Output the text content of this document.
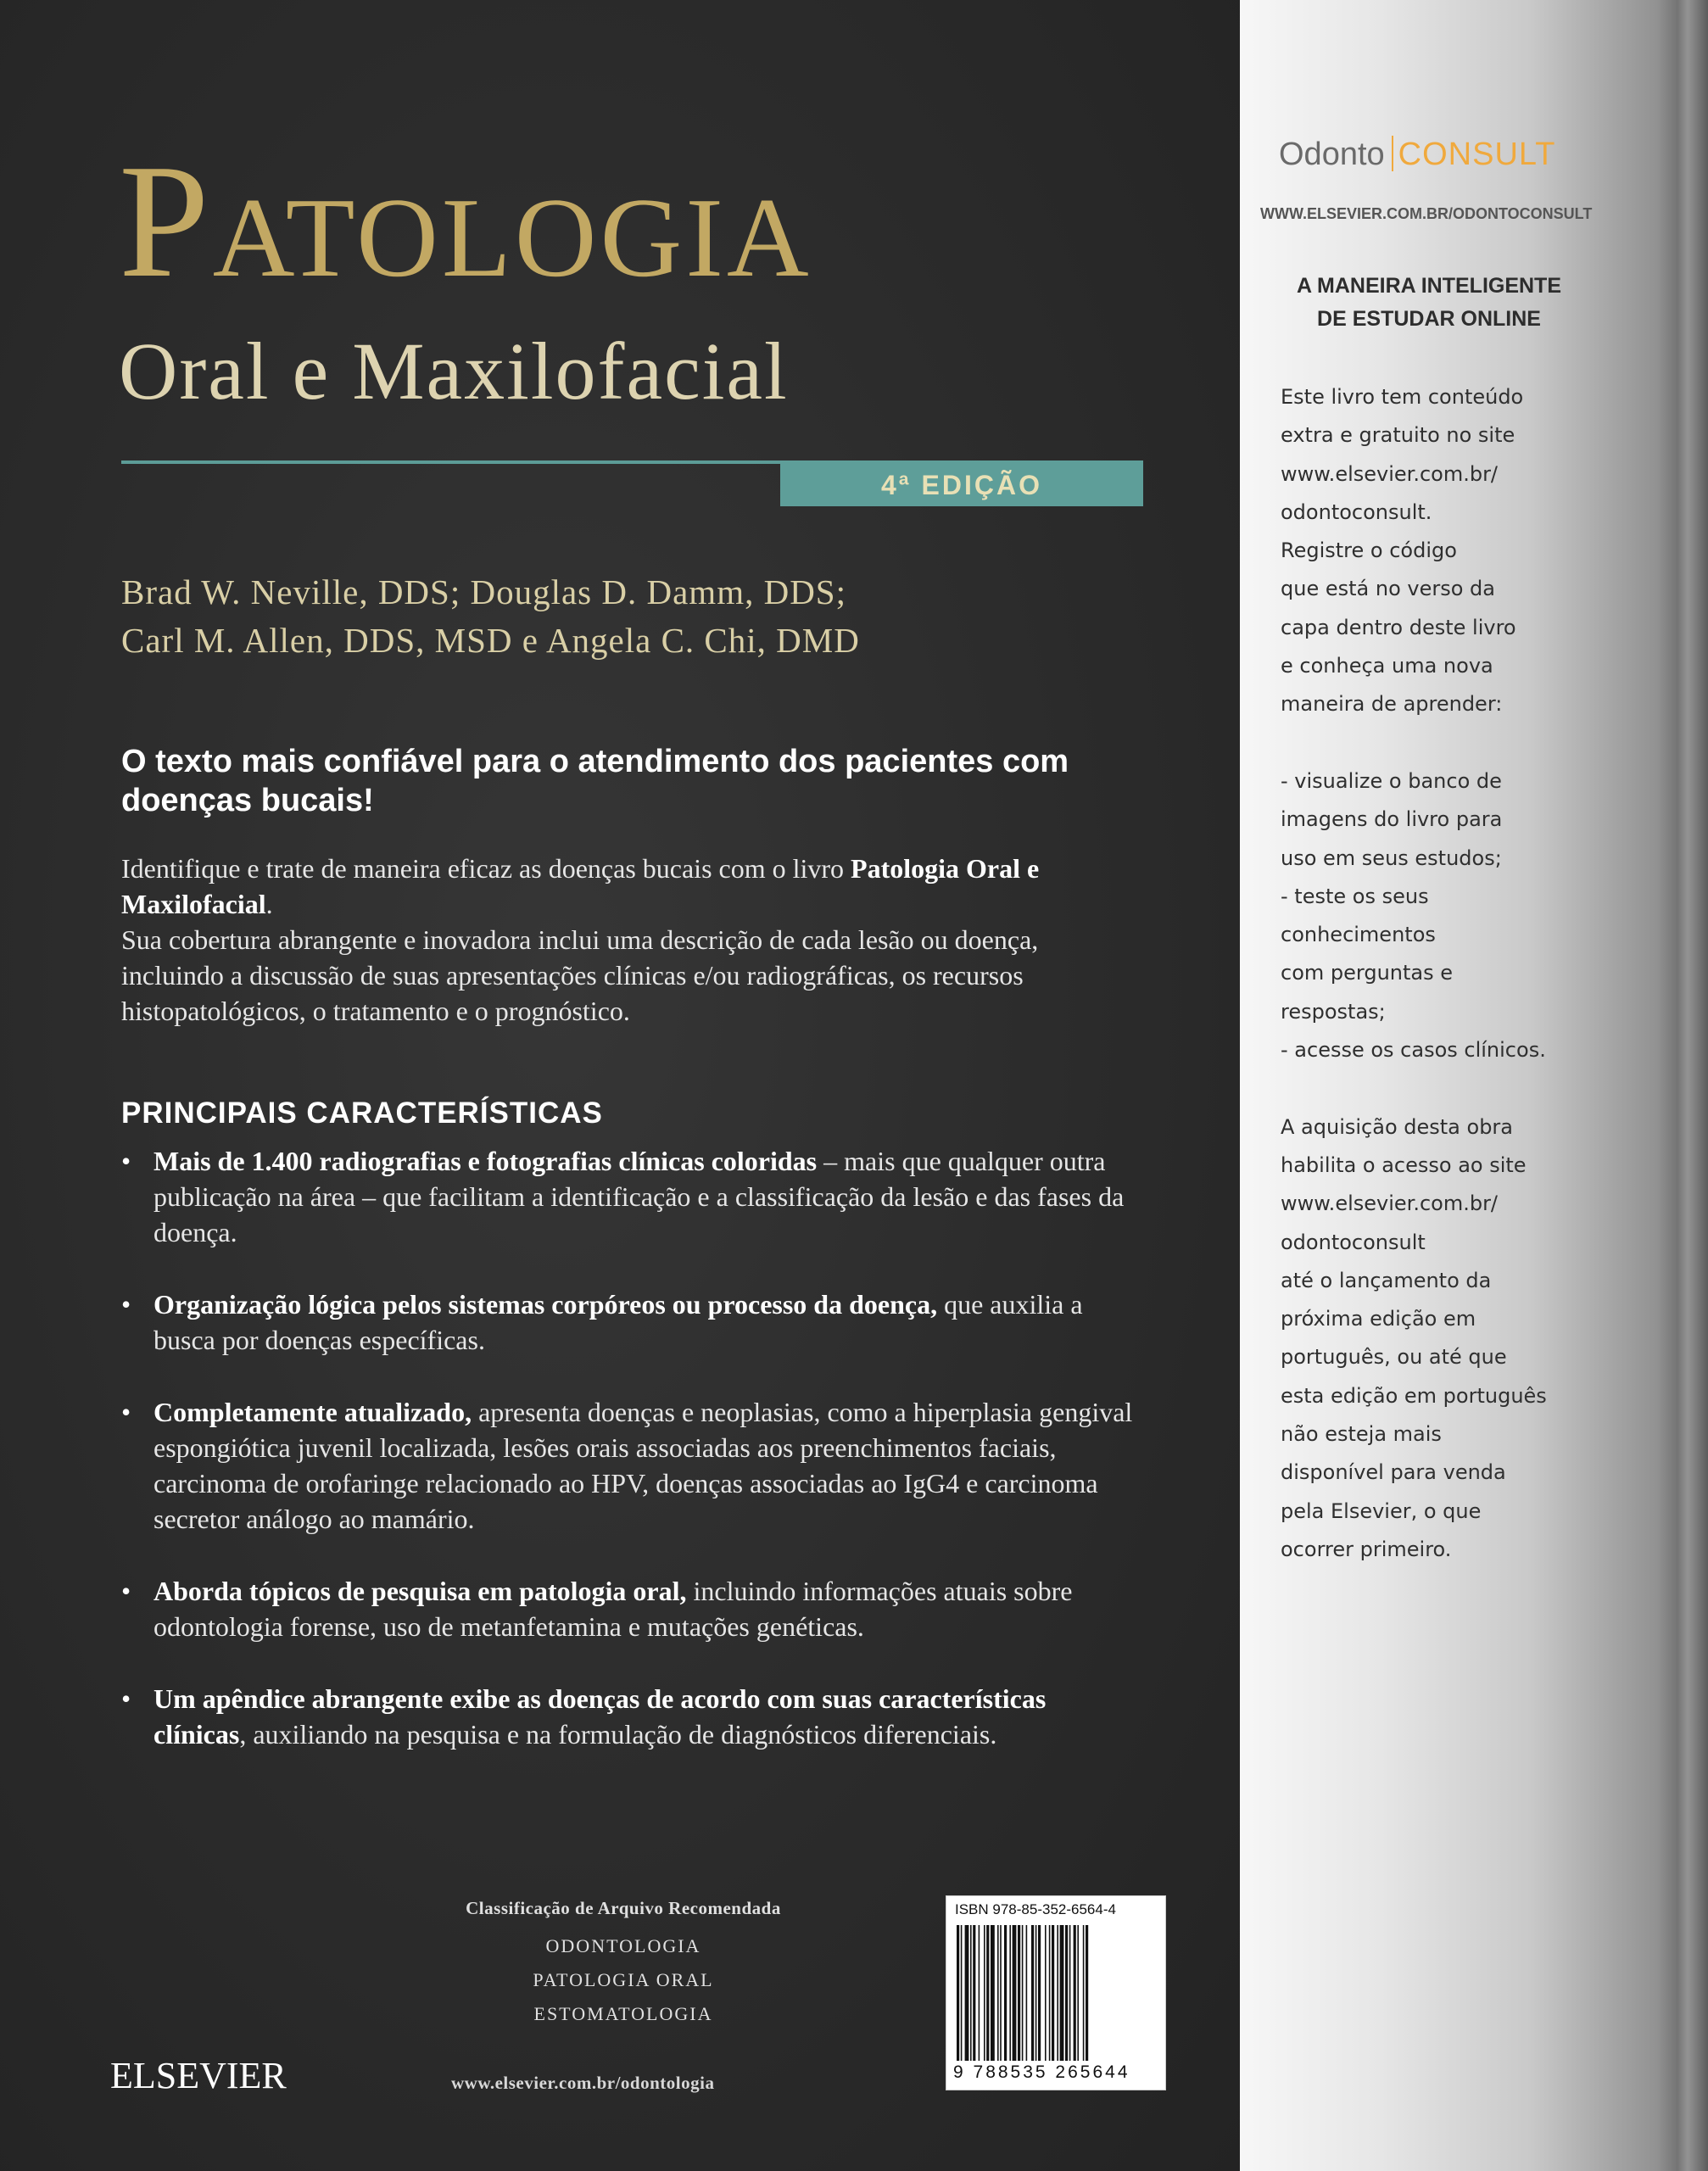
Patologia
Oral e Maxilofacial
4ª EDIÇÃO
Brad W. Neville, DDS; Douglas D. Damm, DDS;
Carl M. Allen, DDS, MSD e Angela C. Chi, DMD

O texto mais confiável para o atendimento dos pacientes com doenças bucais!

Identifique e trate de maneira eficaz as doenças bucais com o livro Patologia Oral e Maxilofacial.

Sua cobertura abrangente e inovadora inclui uma descrição de cada lesão ou doença, incluindo a discussão de suas apresentações clínicas e/ou radiográficas, os recursos histopatológicos, o tratamento e o prognóstico.

PRINCIPAIS CARACTERÍSTICAS
• Mais de 1.400 radiografias e fotografias clínicas coloridas – mais que qualquer outra publicação na área – que facilitam a identificação e a classificação da lesão e das fases da doença.
• Organização lógica pelos sistemas corpóreos ou processo da doença, que auxilia a busca por doenças específicas.
• Completamente atualizado, apresenta doenças e neoplasias, como a hiperplasia gengival espongiótica juvenil localizada, lesões orais associadas aos preenchimentos faciais, carcinoma de orofaringe relacionado ao HPV, doenças associadas ao IgG4 e carcinoma secretor análogo ao mamário.
• Aborda tópicos de pesquisa em patologia oral, incluindo informações atuais sobre odontologia forense, uso de metanfetamina e mutações genéticas.
• Um apêndice abrangente exibe as doenças de acordo com suas características clínicas, auxiliando na pesquisa e na formulação de diagnósticos diferenciais.
Classificação de Arquivo Recomendada
ODONTOLOGIA
PATOLOGIA ORAL
ESTOMATOLOGIA
ELSEVIER	www.elsevier.com.br/odontologia
ISBN 978-85-352-6564-4
9 788535 265644
Odonto CONSULT
WWW.ELSEVIER.COM.BR/ODONTOCONSULT
A MANEIRA INTELIGENTE
DE ESTUDAR ONLINE
Este livro tem conteúdo
extra e gratuito no site
www.elsevier.com.br/
odontoconsult.
Registre o código
que está no verso da
capa dentro deste livro
e conheça uma nova
maneira de aprender:
- visualize o banco de
imagens do livro para
uso em seus estudos;
- teste os seus
conhecimentos
com perguntas e
respostas;
- acesse os casos clínicos.
A aquisição desta obra
habilita o acesso ao site
www.elsevier.com.br/
odontoconsult
até o lançamento da
próxima edição em
português, ou até que
esta edição em português
não esteja mais
disponível para venda
pela Elsevier, o que
ocorrer primeiro.
